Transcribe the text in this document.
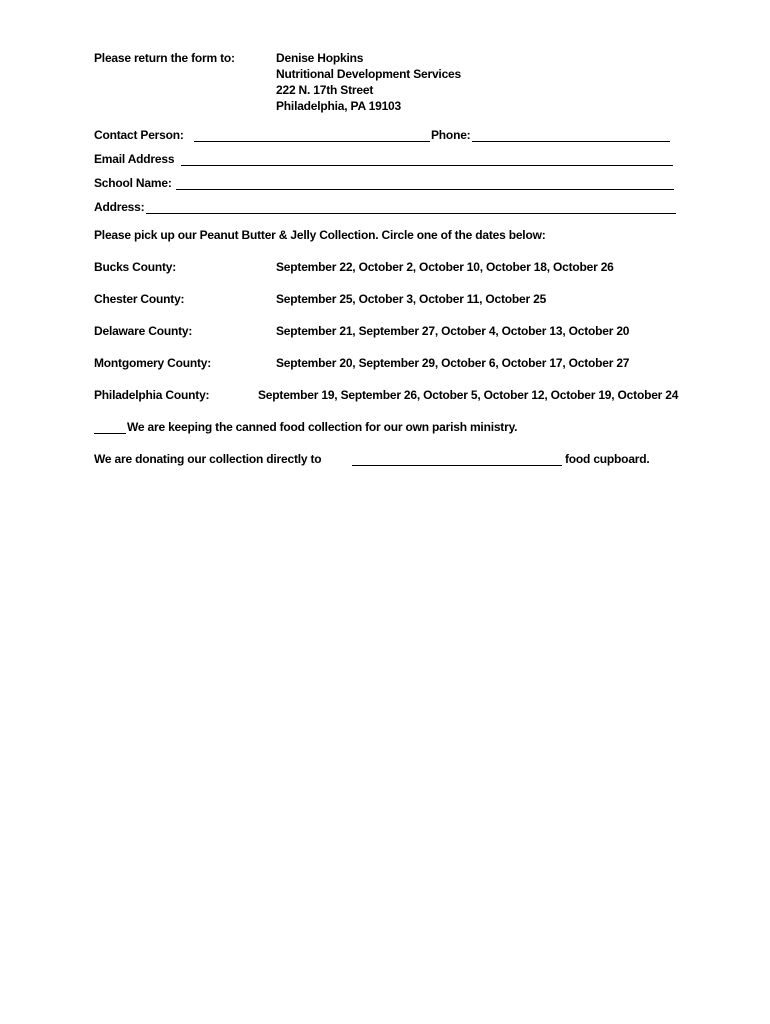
Please return the form to:	Denise Hopkins
Nutritional Development Services
222 N. 17th Street
Philadelphia, PA 19103
Contact Person:	Phone:
Email Address
School Name:
Address:
Please pick up our Peanut Butter & Jelly Collection. Circle one of the dates below:
Bucks County:	September 22, October 2, October 10, October 18, October 26
Chester County:	September 25, October 3, October 11, October 25
Delaware County:	September 21, September 27, October 4, October 13, October 20
Montgomery County:	September 20, September 29, October 6, October 17, October 27
Philadelphia County:	September 19, September 26, October 5, October 12, October 19, October 24
We are keeping the canned food collection for our own parish ministry.
We are donating our collection directly to	food cupboard.
